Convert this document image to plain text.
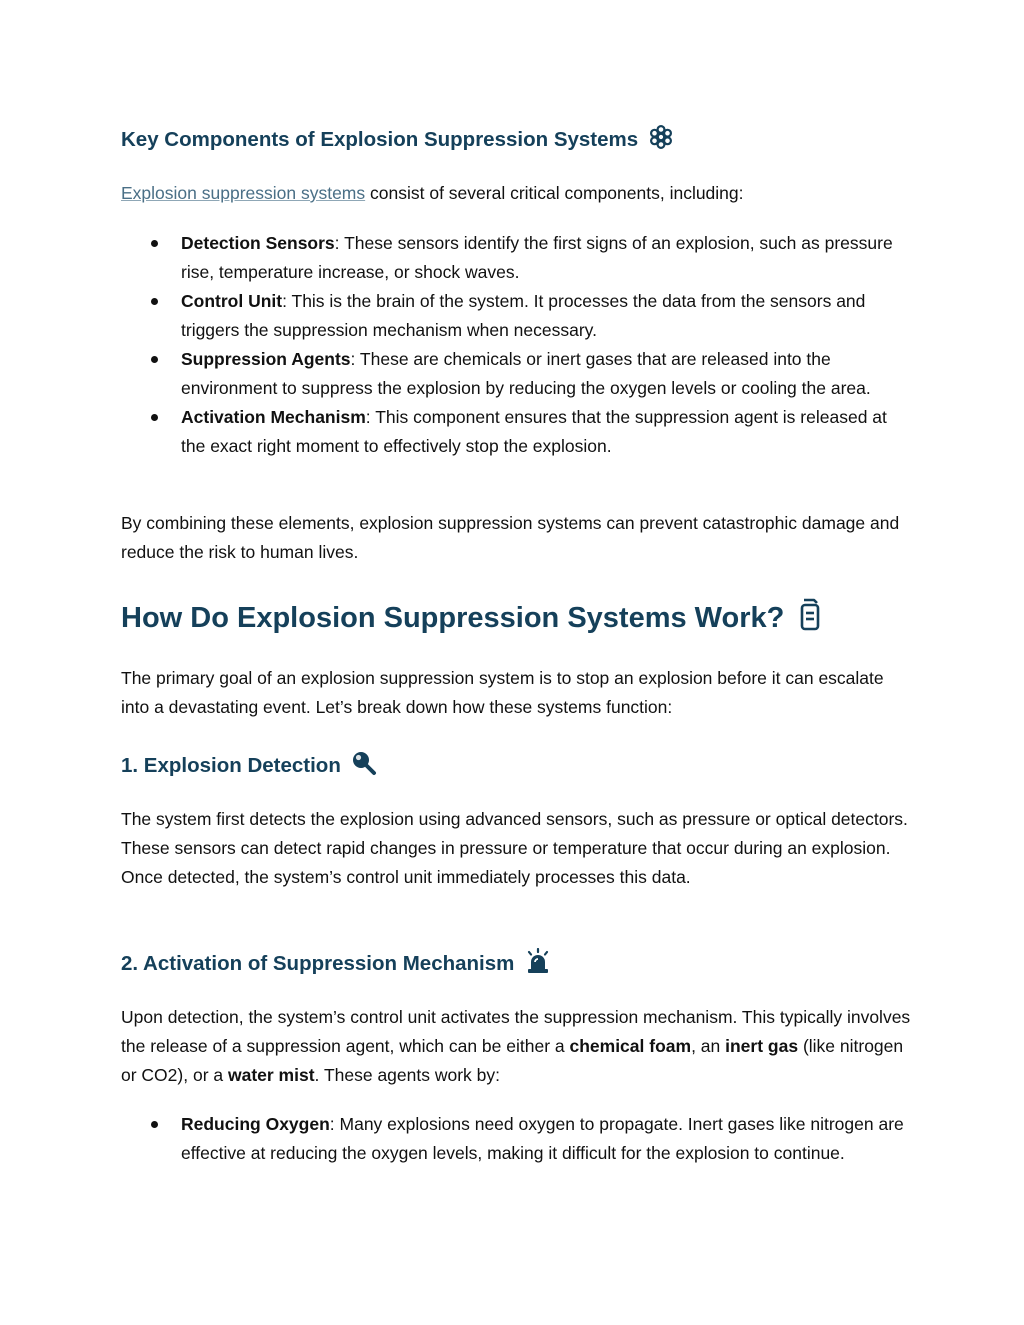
Key Components of Explosion Suppression Systems

Explosion suppression systems consist of several critical components, including:

Detection Sensors: These sensors identify the first signs of an explosion, such as pressure rise, temperature increase, or shock waves.
Control Unit: This is the brain of the system. It processes the data from the sensors and triggers the suppression mechanism when necessary.
Suppression Agents: These are chemicals or inert gases that are released into the environment to suppress the explosion by reducing the oxygen levels or cooling the area.
Activation Mechanism: This component ensures that the suppression agent is released at the exact right moment to effectively stop the explosion.

By combining these elements, explosion suppression systems can prevent catastrophic damage and reduce the risk to human lives.

How Do Explosion Suppression Systems Work?

The primary goal of an explosion suppression system is to stop an explosion before it can escalate into a devastating event. Let’s break down how these systems function:

1. Explosion Detection

The system first detects the explosion using advanced sensors, such as pressure or optical detectors. These sensors can detect rapid changes in pressure or temperature that occur during an explosion. Once detected, the system’s control unit immediately processes this data.

2. Activation of Suppression Mechanism

Upon detection, the system’s control unit activates the suppression mechanism. This typically involves the release of a suppression agent, which can be either a chemical foam, an inert gas (like nitrogen or CO2), or a water mist. These agents work by:

Reducing Oxygen: Many explosions need oxygen to propagate. Inert gases like nitrogen are effective at reducing the oxygen levels, making it difficult for the explosion to continue.
